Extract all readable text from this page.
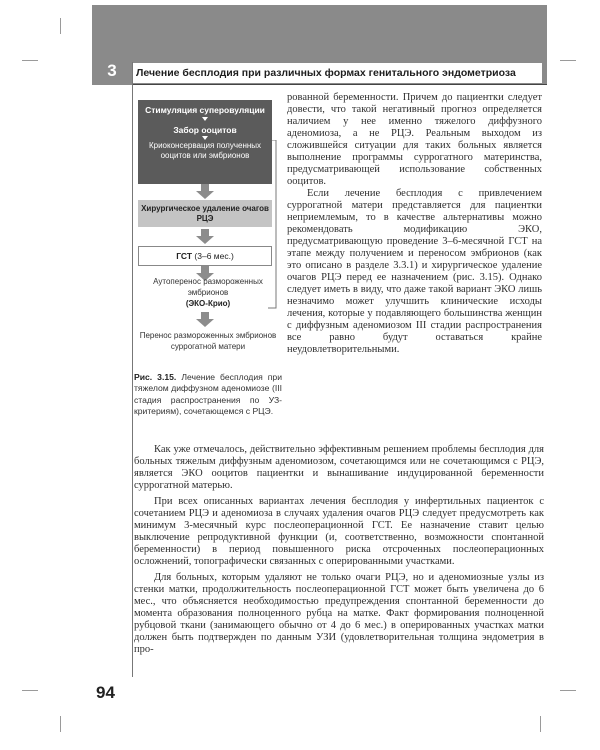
3	Лечение бесплодия при различных формах генитального эндометриоза
Стимуляция суперовуляции
Забор ооцитов
Криоконсервация полученных ооцитов или эмбрионов
Хирургическое удаление очагов РЦЭ
ГСТ (3–6 мес.)
Аутоперенос размороженных эмбрионов
(ЭКО-Крио)
Перенос размороженных эмбрионов суррогатной матери
Рис. 3.15. Лечение бесплодия при тяжелом диффузном аденомиозе (III стадия распространения по УЗ-критериям), сочетающемся с РЦЭ.

рованной беременности. Причем до пациентки следует довести, что такой негативный прогноз определяется наличием у нее именно тяжелого диффузного аденомиоза, а не РЦЭ. Реальным выходом из сложившейся ситуации для таких больных является выполнение программы суррогатного материнства, предусматривающей использование собственных ооцитов.

Если лечение бесплодия с привлечением суррогатной матери представляется для пациентки неприемлемым, то в качестве альтернативы можно рекомендовать модификацию ЭКО, предусматривающую проведение 3–6-месячной ГСТ на этапе между получением и переносом эмбрионов (как это описано в разделе 3.3.1) и хирургическое удаление очагов РЦЭ перед ее назначением (рис. 3.15). Однако следует иметь в виду, что даже такой вариант ЭКО лишь незначимо может улучшить клинические исходы лечения, которые у подавляющего большинства женщин с диффузным аденомиозом III стадии распространения все равно будут оставаться крайне неудовлетворительными.

Как уже отмечалось, действительно эффективным решением проблемы бесплодия для больных тяжелым диффузным аденомиозом, сочетающимся или не сочетающимся с РЦЭ, является ЭКО ооцитов пациентки и вынашивание индуцированной беременности суррогатной матерью.

При всех описанных вариантах лечения бесплодия у инфертильных пациенток с сочетанием РЦЭ и аденомиоза в случаях удаления очагов РЦЭ следует предусмотреть как минимум 3-месячный курс послеоперационной ГСТ. Ее назначение ставит целью выключение репродуктивной функции (и, соответственно, возможности спонтанной беременности) в период повышенного риска отсроченных послеоперационных осложнений, топографически связанных с оперированными участками.

Для больных, которым удаляют не только очаги РЦЭ, но и аденомиозные узлы из стенки матки, продолжительность послеоперационной ГСТ может быть увеличена до 6 мес., что объясняется необходимостью предупреждения спонтанной беременности до момента образования полноценного рубца на матке. Факт формирования полноценной рубцовой ткани (занимающего обычно от 4 до 6 мес.) в оперированных участках матки должен быть подтвержден по данным УЗИ (удовлетворительная толщина эндометрия в про-

94
